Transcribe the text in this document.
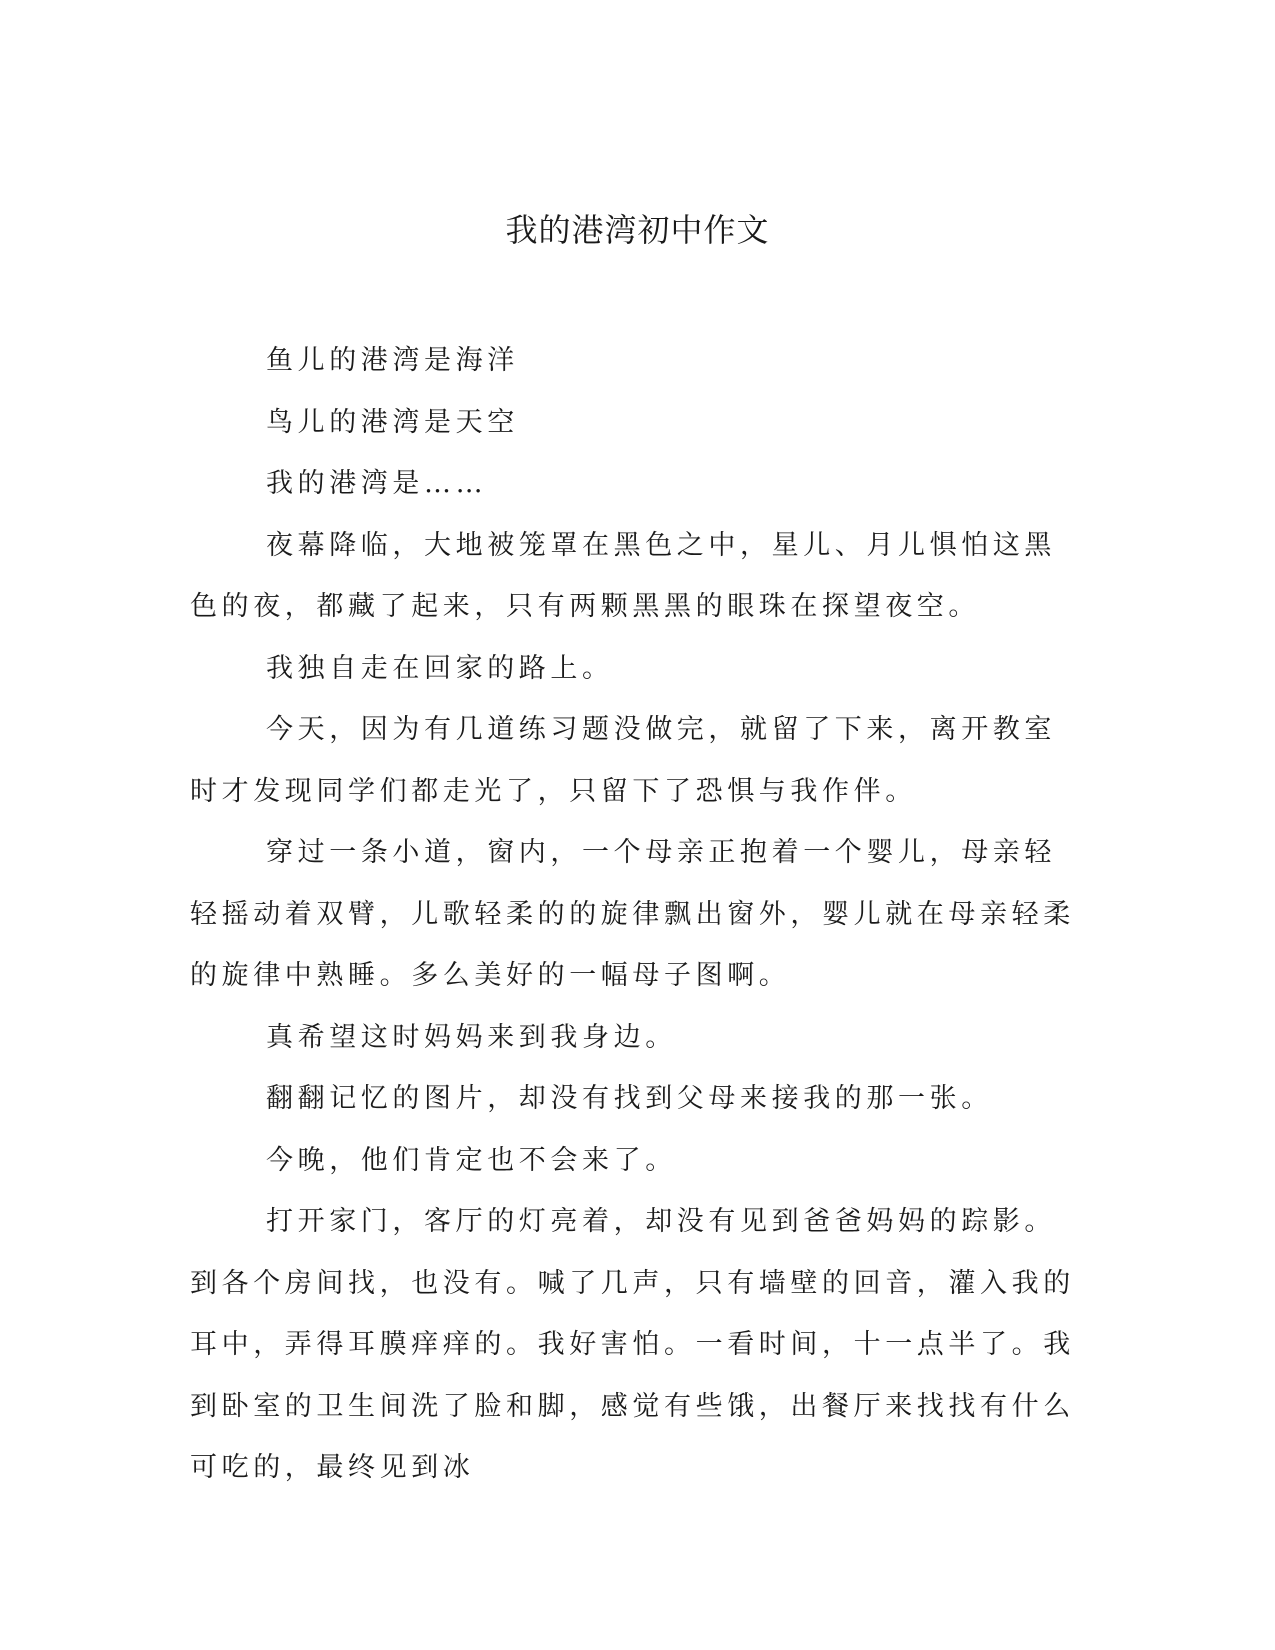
我的港湾初中作文

鱼儿的港湾是海洋

鸟儿的港湾是天空

我的港湾是……

夜幕降临，大地被笼罩在黑色之中，星儿、月儿惧怕这黑色的夜，都藏了起来，只有两颗黑黑的眼珠在探望夜空。

我独自走在回家的路上。

今天，因为有几道练习题没做完，就留了下来，离开教室时才发现同学们都走光了，只留下了恐惧与我作伴。

穿过一条小道，窗内，一个母亲正抱着一个婴儿，母亲轻轻摇动着双臂，儿歌轻柔的的旋律飘出窗外，婴儿就在母亲轻柔的旋律中熟睡。多么美好的一幅母子图啊。

真希望这时妈妈来到我身边。

翻翻记忆的图片，却没有找到父母来接我的那一张。

今晚，他们肯定也不会来了。

打开家门，客厅的灯亮着，却没有见到爸爸妈妈的踪影。到各个房间找，也没有。喊了几声，只有墙壁的回音，灌入我的耳中，弄得耳膜痒痒的。我好害怕。一看时间，十一点半了。我到卧室的卫生间洗了脸和脚，感觉有些饿，出餐厅来找找有什么可吃的，最终见到冰
